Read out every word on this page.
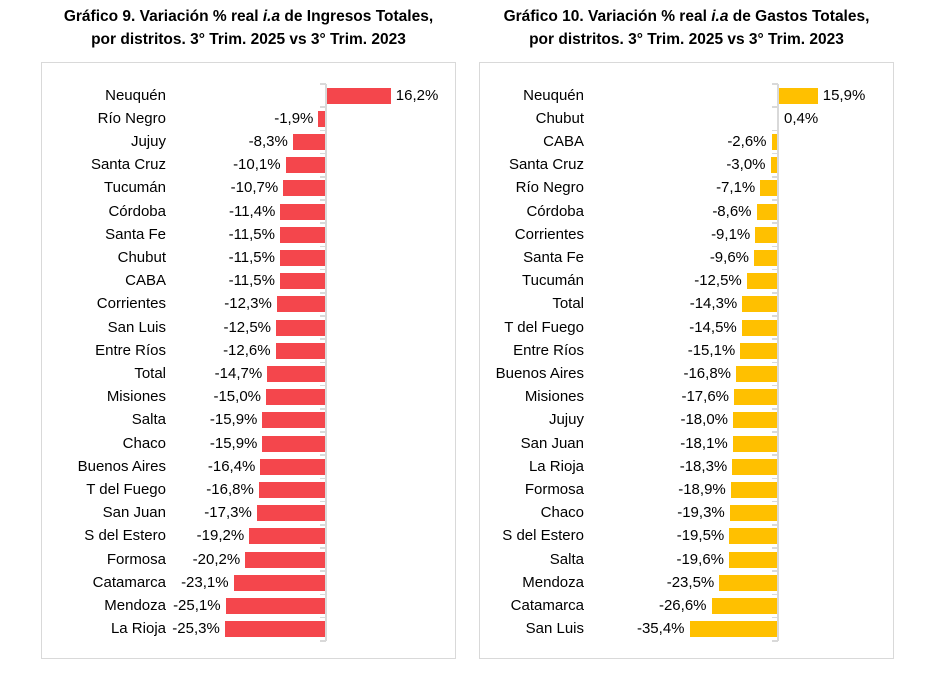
Gráfico 9. Variación % real i.a de Ingresos Totales,
por distritos. 3° Trim. 2025 vs 3° Trim. 2023
Gráfico 10. Variación % real i.a de Gastos Totales,
por distritos. 3° Trim. 2025 vs 3° Trim. 2023
Neuquén	16,2%
Río Negro	-1,9%
Jujuy	-8,3%
Santa Cruz	-10,1%
Tucumán	-10,7%
Córdoba	-11,4%
Santa Fe	-11,5%
Chubut	-11,5%
CABA	-11,5%
Corrientes	-12,3%
San Luis	-12,5%
Entre Ríos	-12,6%
Total	-14,7%
Misiones	-15,0%
Salta	-15,9%
Chaco	-15,9%
Buenos Aires	-16,4%
T del Fuego	-16,8%
San Juan	-17,3%
S del Estero	-19,2%
Formosa	-20,2%
Catamarca	-23,1%
Mendoza -25,1%
La Rioja -25,3%
Neuquén	15,9%
Chubut	0,4%
CABA	-2,6%
Santa Cruz	-3,0%
Río Negro	-7,1%
Córdoba	-8,6%
Corrientes	-9,1%
Santa Fe	-9,6%
Tucumán	-12,5%
Total	-14,3%
T del Fuego	-14,5%
Entre Ríos	-15,1%
Buenos Aires	-16,8%
Misiones	-17,6%
Jujuy	-18,0%
San Juan	-18,1%
La Rioja	-18,3%
Formosa	-18,9%
Chaco	-19,3%
S del Estero	-19,5%
Salta	-19,6%
Mendoza	-23,5%
Catamarca	-26,6%
San Luis	-35,4%
